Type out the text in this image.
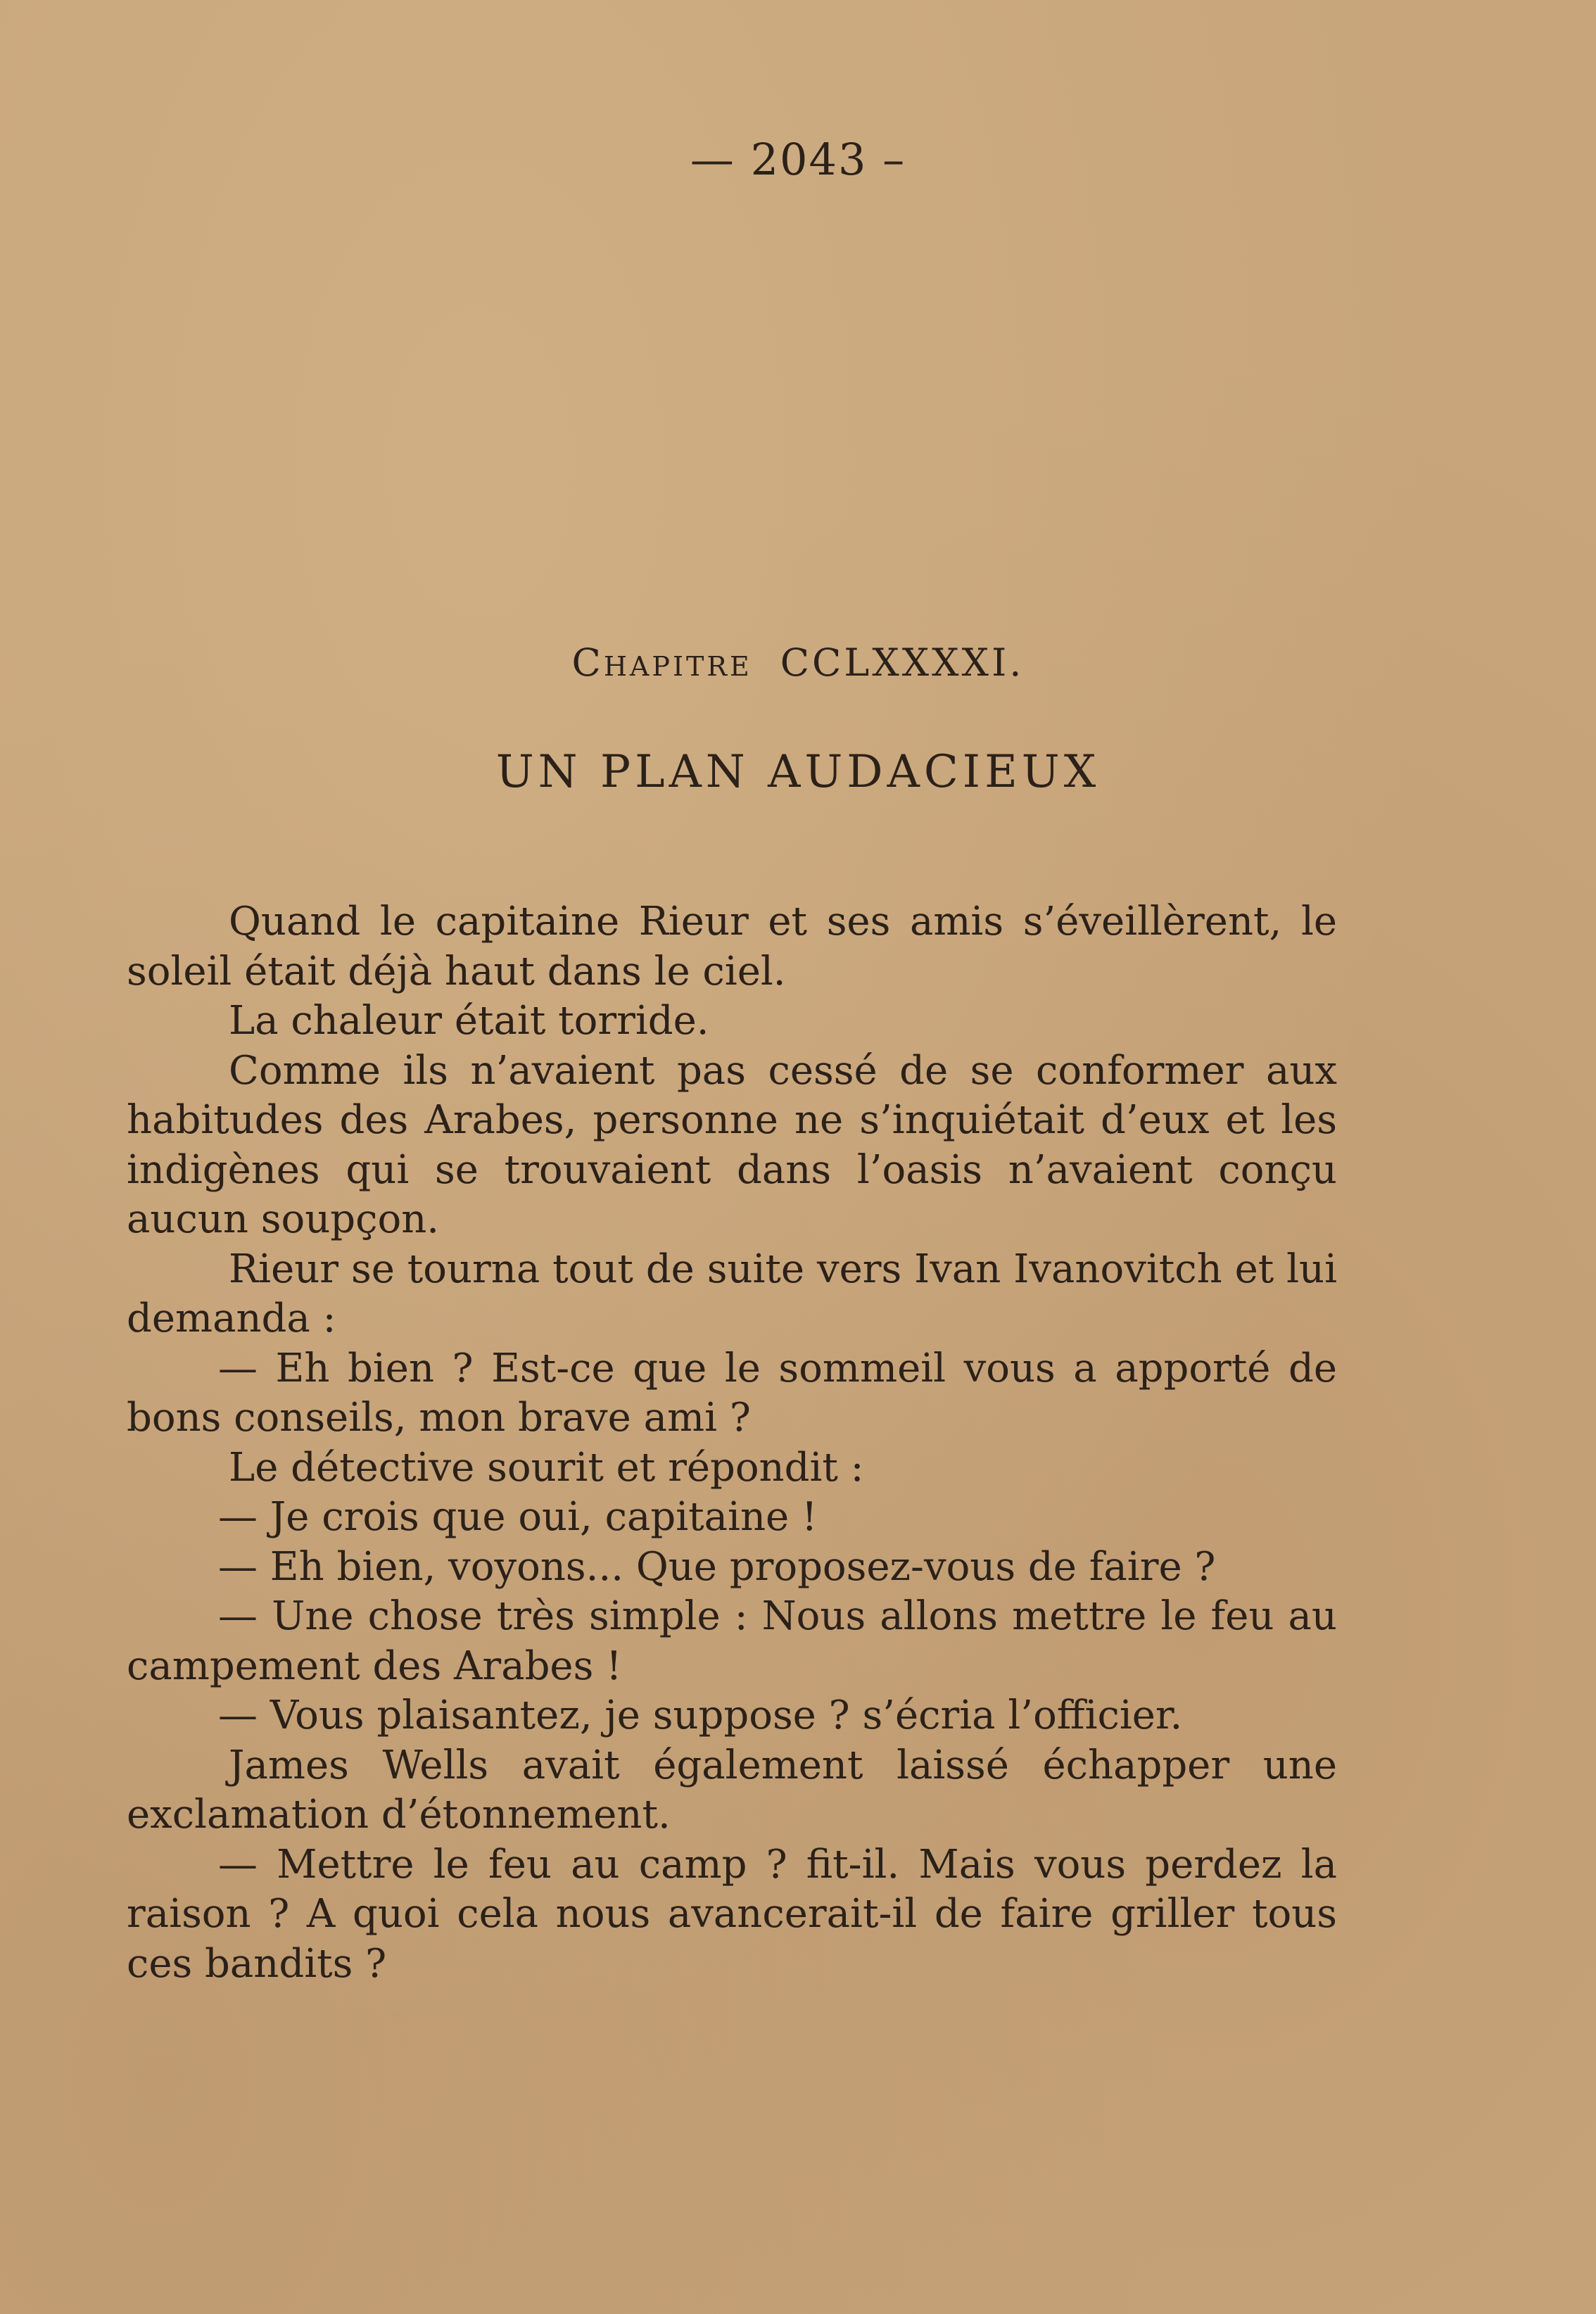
— 2043 –
Chapitre CCLXXXXI.
UN PLAN AUDACIEUX

Quand le capitaine Rieur et ses amis s’éveillèrent, le soleil était déjà haut dans le ciel.

La chaleur était torride.

Comme ils n’avaient pas cessé de se conformer aux habitudes des Arabes, personne ne s’inquiétait d’eux et les indigènes qui se trouvaient dans l’oasis n’avaient conçu aucun soupçon.

Rieur se tourna tout de suite vers Ivan Ivanovitch et lui demanda :

— Eh bien ? Est-ce que le sommeil vous a apporté de bons conseils, mon brave ami ?

Le détective sourit et répondit :

— Je crois que oui, capitaine !

— Eh bien, voyons... Que proposez-vous de faire ?

— Une chose très simple : Nous allons mettre le feu au campement des Arabes !

— Vous plaisantez, je suppose ? s’écria l’officier.

James Wells avait également laissé échapper une exclamation d’étonnement.

— Mettre le feu au camp ? fit-il. Mais vous perdez la raison ? A quoi cela nous avancerait-il de faire griller tous ces bandits ?
